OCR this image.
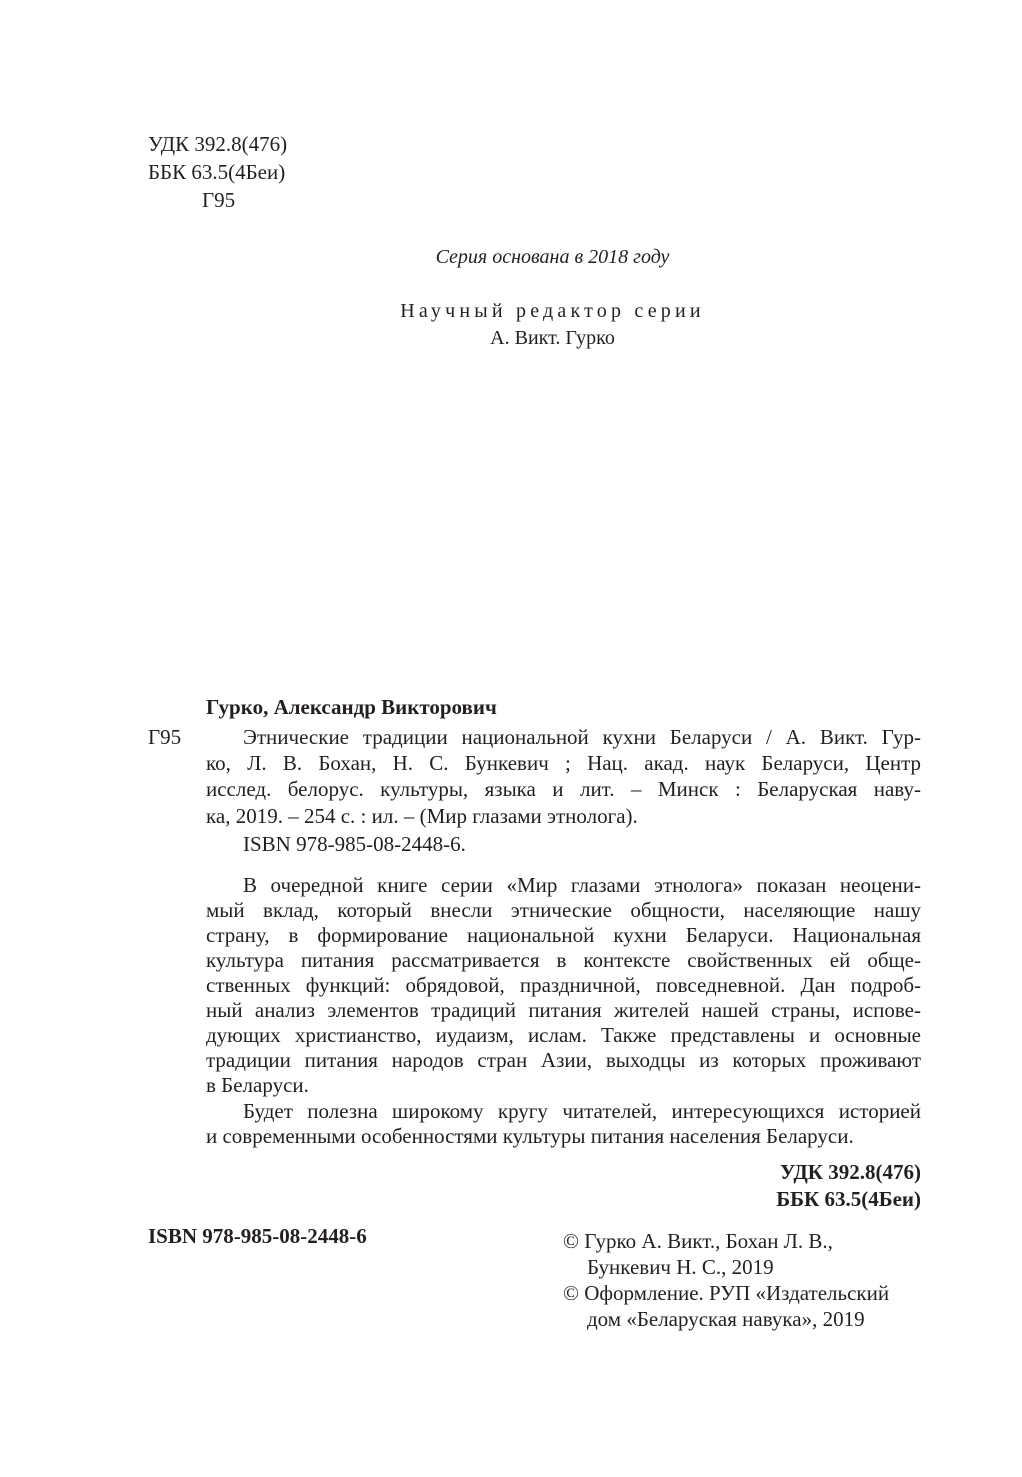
УДК 392.8(476)

ББК 63.5(4Беи)

Г95

Серия основана в 2018 году

Научный редактор серии

А. Викт. Гурко

Гурко, Александр Викторович

Г95	Этнические традиции национальной кухни Беларуси / А. Викт. Гур-

ко, Л. В. Бохан, Н. С. Бункевич ; Нац. акад. наук Беларуси, Центр

исслед. белорус. культуры, языка и лит. – Минск : Беларуская наву-

ка, 2019. – 254 с. : ил. – (Мир глазами этнолога).

ISBN 978-985-08-2448-6.

В очередной книге серии «Мир глазами этнолога» показан неоцени-

мый вклад, который внесли этнические общности, населяющие нашу

страну, в формирование национальной кухни Беларуси. Национальная

культура питания рассматривается в контексте свойственных ей обще-

ственных функций: обрядовой, праздничной, повседневной. Дан подроб-

ный анализ элементов традиций питания жителей нашей страны, испове-

дующих христианство, иудаизм, ислам. Также представлены и основные

традиции питания народов стран Азии, выходцы из которых проживают

в Беларуси.

Будет полезна широкому кругу читателей, интересующихся историей

и современными особенностями культуры питания населения Беларуси.

УДК 392.8(476)

ББК 63.5(4Беи)

ISBN 978-985-08-2448-6	© Гурко А. Викт., Бохан Л. В.,

Бункевич Н. С., 2019

© Оформление. РУП «Издательский

дом «Беларуская навука», 2019
